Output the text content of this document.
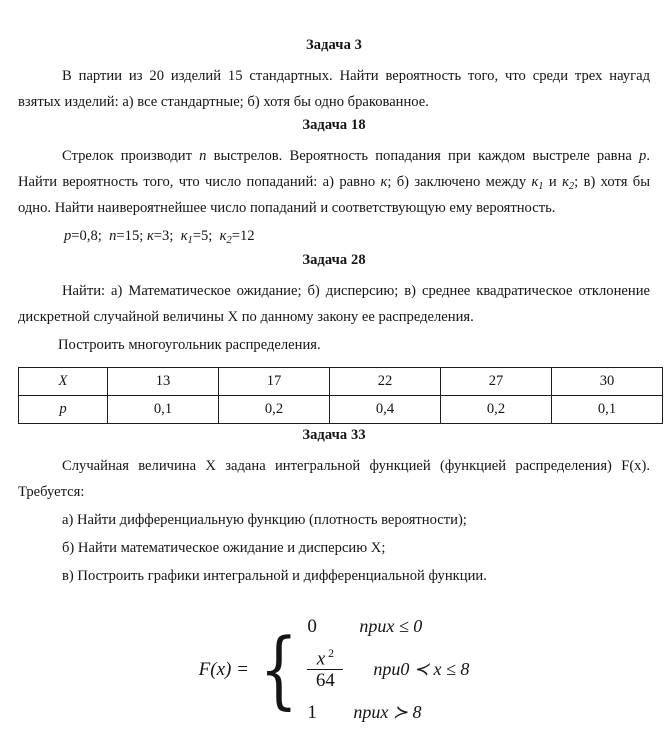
Задача 3

В партии из 20 изделий 15 стандартных. Найти вероятность того, что среди трех наугад взятых изделий: а) все стандартные; б) хотя бы одно бракованное.

Задача 18

Стрелок производит n выстрелов. Вероятность попадания при каждом выстреле равна p. Найти вероятность того, что число попаданий: а) равно к; б) заключено между $к_1$ и $к_2$; в) хотя бы одно. Найти наивероятнейшее число попаданий и соответствующую ему вероятность.

p=0,8; n=15; к=3; $к_1=5$; $к_2=12$

Задача 28

Найти: а) Математическое ожидание; б) дисперсию; в) среднее квадратическое отклонение дискретной случайной величины X по данному закону ее распределения.

Построить многоугольник распределения.

X	13	17	22	27	30
p	0,1	0,2	0,4	0,2	0,1
Задача 33

Случайная величина X задана интегральной функцией (функцией распределения) F(x). Требуется:

а) Найти дифференциальную функцию (плотность вероятности);

б) Найти математическое ожидание и дисперсию X;

в) Построить графики интегральной и дифференциальной функции.

F(x) = { 0	приx ≤ 0
$\frac{x ^2}{64}$	при0 ≺ x ≤ 8
1	приx ≻ 8
